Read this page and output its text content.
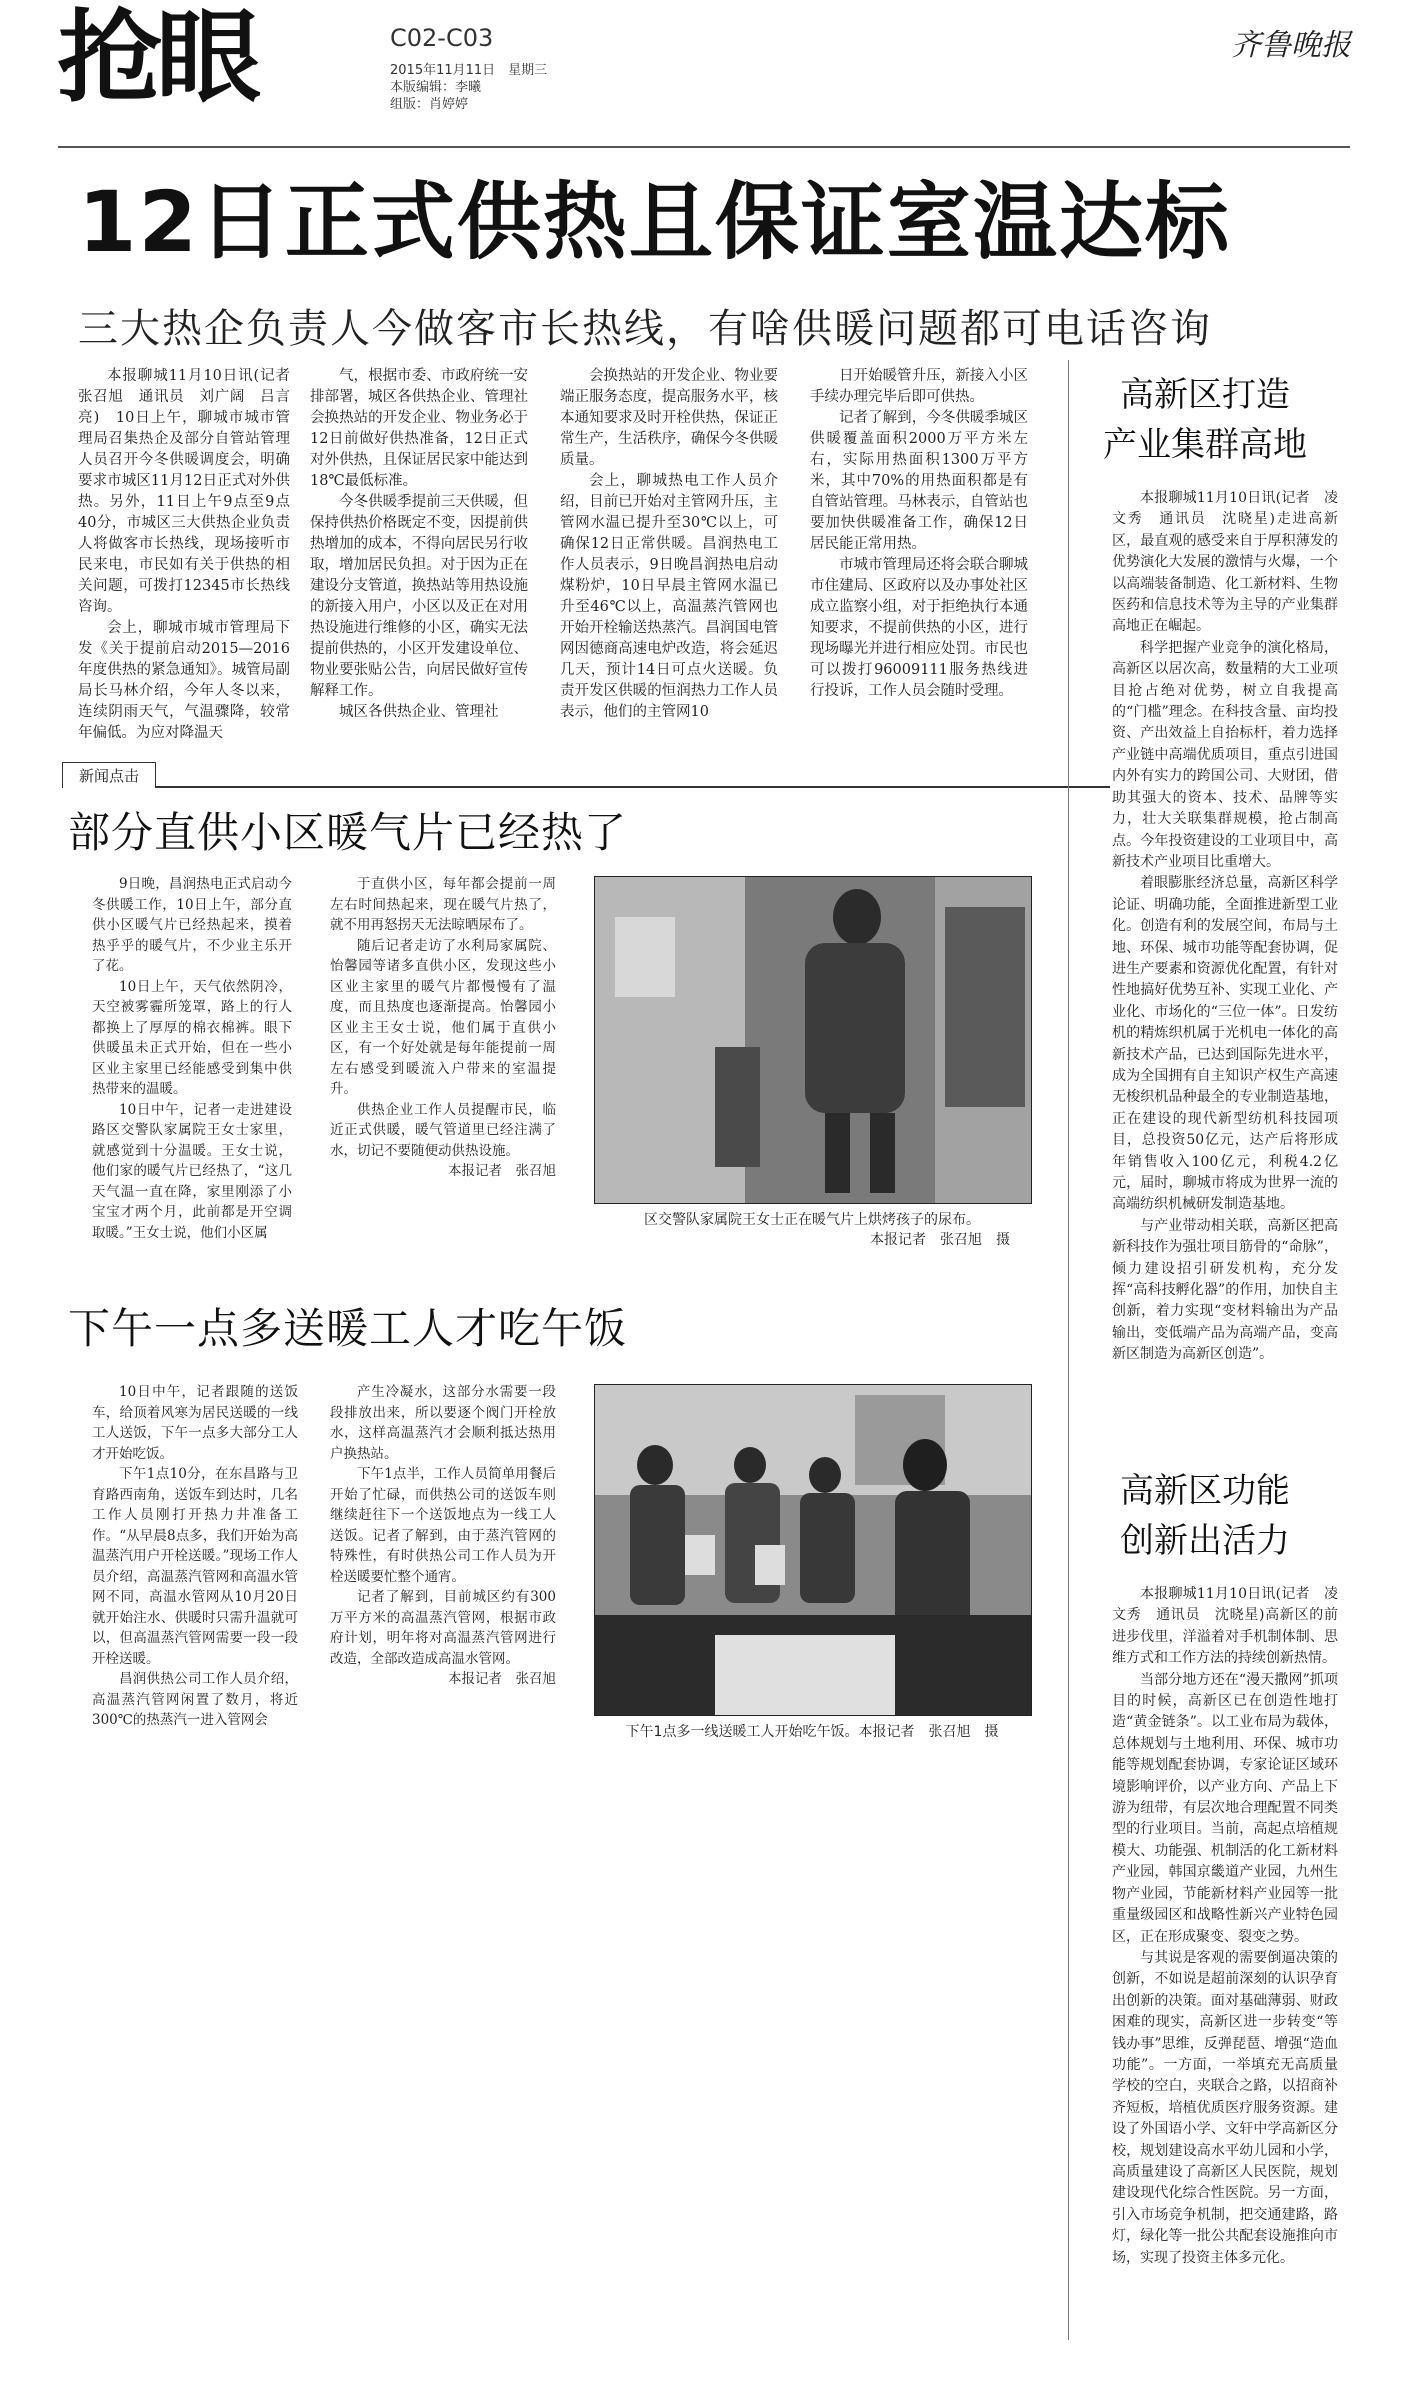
抢眼	C02-C03
2015年11月11日　星期三
本版编辑：李曦
组版：肖婷婷
齐鲁晚报
12日正式供热且保证室温达标
三大热企负责人今做客市长热线，有啥供暖问题都可电话咨询

本报聊城11月10日讯(记者　张召旭　通讯员　刘广阔　吕言亮)　10日上午，聊城市城市管理局召集热企及部分自管站管理人员召开今冬供暖调度会，明确要求市城区11月12日正式对外供热。另外，11日上午9点至9点40分，市城区三大供热企业负责人将做客市长热线，现场接听市民来电，市民如有关于供热的相关问题，可拨打12345市长热线咨询。

会上，聊城市城市管理局下发《关于提前启动2015—2016年度供热的紧急通知》。城管局副局长马林介绍，今年人冬以来，连续阴雨天气，气温骤降，较常年偏低。为应对降温天

气，根据市委、市政府统一安排部署，城区各供热企业、管理社会换热站的开发企业、物业务必于12日前做好供热准备，12日正式对外供热，且保证居民家中能达到18℃最低标准。

今冬供暖季提前三天供暖，但保持供热价格既定不变，因提前供热增加的成本，不得向居民另行收取，增加居民负担。对于因为正在建设分支管道，换热站等用热设施的新接入用户，小区以及正在对用热设施进行维修的小区，确实无法提前供热的，小区开发建设单位、物业要张贴公告，向居民做好宣传解释工作。

城区各供热企业、管理社

会换热站的开发企业、物业要端正服务态度，提高服务水平，核本通知要求及时开栓供热，保证正常生产，生活秩序，确保今冬供暖质量。

会上，聊城热电工作人员介绍，目前已开始对主管网升压，主管网水温已提升至30℃以上，可确保12日正常供暖。昌润热电工作人员表示，9日晚昌润热电启动煤粉炉，10日早晨主管网水温已升至46℃以上，高温蒸汽管网也开始开栓输送热蒸汽。昌润国电管网因德商高速电炉改造，将会延迟几天，预计14日可点火送暖。负责开发区供暖的恒润热力工作人员表示，他们的主管网10

日开始暖管升压，新接入小区手续办理完毕后即可供热。

记者了解到，今冬供暖季城区供暖覆盖面积2000万平方米左右，实际用热面积1300万平方米，其中70%的用热面积都是有自管站管理。马林表示，自管站也要加快供暖准备工作，确保12日居民能正常用热。

市城市管理局还将会联合聊城市住建局、区政府以及办事处社区成立监察小组，对于拒绝执行本通知要求，不提前供热的小区，进行现场曝光并进行相应处罚。市民也可以拨打96009111服务热线进行投诉，工作人员会随时受理。

新闻点击
部分直供小区暖气片已经热了

9日晚，昌润热电正式启动今冬供暖工作，10日上午，部分直供小区暖气片已经热起来，摸着热乎乎的暖气片，不少业主乐开了花。

10日上午，天气依然阴冷，天空被雾霾所笼罩，路上的行人都换上了厚厚的棉衣棉裤。眼下供暖虽未正式开始，但在一些小区业主家里已经能感受到集中供热带来的温暖。

10日中午，记者一走进建设路区交警队家属院王女士家里，就感觉到十分温暖。王女士说，他们家的暖气片已经热了，“这几天气温一直在降，家里刚添了小宝宝才两个月，此前都是开空调取暖。”王女士说，他们小区属

于直供小区，每年都会提前一周左右时间热起来，现在暖气片热了，就不用再怒拐天无法晾晒尿布了。

随后记者走访了水利局家属院、怡馨园等诸多直供小区，发现这些小区业主家里的暖气片都慢慢有了温度，而且热度也逐渐提高。怡馨园小区业主王女士说，他们属于直供小区，有一个好处就是每年能提前一周左右感受到暖流入户带来的室温提升。

供热企业工作人员提醒市民，临近正式供暖，暖气管道里已经注满了水，切记不要随便动供热设施。

本报记者　张召旭

区交警队家属院王女士正在暖气片上烘烤孩子的尿布。
本报记者　张召旭　摄
下午一点多送暖工人才吃午饭

10日中午，记者跟随的送饭车，给顶着风寒为居民送暖的一线工人送饭，下午一点多大部分工人才开始吃饭。

下午1点10分，在东昌路与卫育路西南角，送饭车到达时，几名工作人员刚打开热力井准备工作。“从早晨8点多，我们开始为高温蒸汽用户开栓送暖。”现场工作人员介绍，高温蒸汽管网和高温水管网不同，高温水管网从10月20日就开始注水、供暖时只需升温就可以，但高温蒸汽管网需要一段一段开栓送暖。

昌润供热公司工作人员介绍，高温蒸汽管网闲置了数月，将近300℃的热蒸汽一进入管网会

产生冷凝水，这部分水需要一段段排放出来，所以要逐个阀门开栓放水，这样高温蒸汽才会顺利抵达热用户换热站。

下午1点半，工作人员简单用餐后开始了忙碌，而供热公司的送饭车则继续赶往下一个送饭地点为一线工人送饭。记者了解到，由于蒸汽管网的特殊性，有时供热公司工作人员为开栓送暖要忙整个通宵。

记者了解到，目前城区约有300万平方米的高温蒸汽管网，根据市政府计划，明年将对高温蒸汽管网进行改造，全部改造成高温水管网。

本报记者　张召旭

下午1点多一线送暖工人开始吃午饭。本报记者　张召旭　摄
高新区打造
产业集群高地

本报聊城11月10日讯(记者　凌文秀　通讯员　沈晓星)走进高新区，最直观的感受来自于厚积薄发的优势演化大发展的激情与火爆，一个以高端装备制造、化工新材料、生物医药和信息技术等为主导的产业集群高地正在崛起。

科学把握产业竞争的演化格局，高新区以居次高，数量精的大工业项目抢占绝对优势，树立自我提高的“门槛”理念。在科技含量、亩均投资、产出效益上自抬标杆，着力选择产业链中高端优质项目，重点引进国内外有实力的跨国公司、大财团，借助其强大的资本、技术、品牌等实力，壮大关联集群规模，抢占制高点。今年投资建设的工业项目中，高新技术产业项目比重增大。

着眼膨胀经济总量，高新区科学论证、明确功能，全面推进新型工业化。创造有利的发展空间，布局与土地、环保、城市功能等配套协调，促进生产要素和资源优化配置，有针对性地搞好优势互补、实现工业化、产业化、市场化的“三位一体”。日发纺机的精炼织机属于光机电一体化的高新技术产品，已达到国际先进水平，成为全国拥有自主知识产权生产高速无梭织机品种最全的专业制造基地，正在建设的现代新型纺机科技园项目，总投资50亿元，达产后将形成年销售收入100亿元，利税4.2亿元，届时，聊城市将成为世界一流的高端纺织机械研发制造基地。

与产业带动相关联，高新区把高新科技作为强壮项目筋骨的“命脉”，倾力建设招引研发机构，充分发挥“高科技孵化器”的作用，加快自主创新，着力实现“变材料输出为产品输出，变低端产品为高端产品，变高新区制造为高新区创造”。

高新区功能
创新出活力

本报聊城11月10日讯(记者　凌文秀　通讯员　沈晓星)高新区的前进步伐里，洋溢着对手机制体制、思维方式和工作方法的持续创新热情。

当部分地方还在“漫天撒网”抓项目的时候，高新区已在创造性地打造“黄金链条”。以工业布局为载体，总体规划与土地利用、环保、城市功能等规划配套协调，专家论证区域环境影响评价，以产业方向、产品上下游为纽带，有层次地合理配置不同类型的行业项目。当前，高起点培植规模大、功能强、机制活的化工新材料产业园，韩国京畿道产业园，九州生物产业园，节能新材料产业园等一批重量级园区和战略性新兴产业特色园区，正在形成聚变、裂变之势。

与其说是客观的需要倒逼决策的创新，不如说是超前深刻的认识孕育出创新的决策。面对基础薄弱、财政困难的现实，高新区进一步转变“等钱办事”思维，反弹琵琶、增强“造血功能”。一方面，一举填充无高质量学校的空白，夹联合之路，以招商补齐短板，培植优质医疗服务资源。建设了外国语小学、文轩中学高新区分校，规划建设高水平幼儿园和小学，高质量建设了高新区人民医院，规划建设现代化综合性医院。另一方面，引入市场竞争机制，把交通建路，路灯，绿化等一批公共配套设施推向市场，实现了投资主体多元化。
